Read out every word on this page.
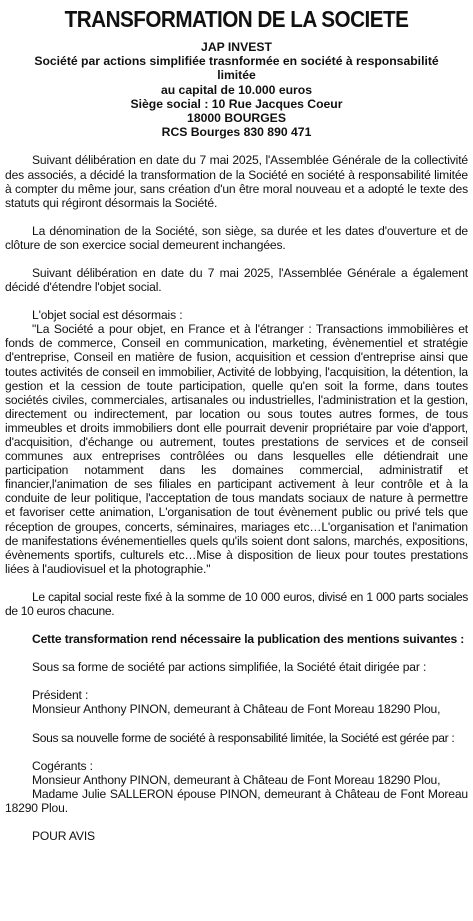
TRANSFORMATION DE LA SOCIETE
JAP INVEST
Société par actions simplifiée trasnformée en société à responsabilité
limitée
au capital de 10.000 euros
Siège social : 10 Rue Jacques Coeur
18000 BOURGES
RCS Bourges 830 890 471

Suivant délibération en date du 7 mai 2025, l'Assemblée Générale de la collectivité des associés, a décidé la transformation de la Société en société à responsabilité limitée à compter du même jour, sans création d'un être moral nouveau et a adopté le texte des statuts qui régiront désormais la Société.

La dénomination de la Société, son siège, sa durée et les dates d'ouverture et de clôture de son exercice social demeurent inchangées.

Suivant délibération en date du 7 mai 2025, l'Assemblée Générale a également décidé d'étendre l'objet social.

L'objet social est désormais :

"La Société a pour objet, en France et à l'étranger : Transactions immobilières et fonds de commerce, Conseil en communication, marketing, évènementiel et stratégie d'entreprise, Conseil en matière de fusion, acquisition et cession d'entreprise ainsi que toutes activités de conseil en immobilier, Activité de lobbying, l'acquisition, la détention, la gestion et la cession de toute participation, quelle qu'en soit la forme, dans toutes sociétés civiles, commerciales, artisanales ou industrielles, l'administration et la gestion, directement ou indirectement, par location ou sous toutes autres formes, de tous immeubles et droits immobiliers dont elle pourrait devenir propriétaire par voie d'apport, d'acquisition, d'échange ou autrement, toutes prestations de services et de conseil communes aux entreprises contrôlées ou dans lesquelles elle détiendrait une participation notamment dans les domaines commercial, administratif et financier,l'animation de ses filiales en participant activement à leur contrôle et à la conduite de leur politique, l'acceptation de tous mandats sociaux de nature à permettre et favoriser cette animation, L'organisation de tout évènement public ou privé tels que réception de groupes, concerts, séminaires, mariages etc…L'organisation et l'animation de manifestations événementielles quels qu'ils soient dont salons, marchés, expositions, évènements sportifs, culturels etc…Mise à disposition de lieux pour toutes prestations liées à l'audiovisuel et la photographie."

Le capital social reste fixé à la somme de 10 000 euros, divisé en 1 000 parts sociales de 10 euros chacune.

Cette transformation rend nécessaire la publication des mentions suivantes :

Sous sa forme de société par actions simplifiée, la Société était dirigée par :

Président :

Monsieur Anthony PINON, demeurant à Château de Font Moreau 18290 Plou,

Sous sa nouvelle forme de société à responsabilité limitée, la Société est gérée par :

Cogérants :

Monsieur Anthony PINON, demeurant à Château de Font Moreau 18290 Plou,

Madame Julie SALLERON épouse PINON, demeurant à Château de Font Moreau 18290 Plou.

POUR AVIS
